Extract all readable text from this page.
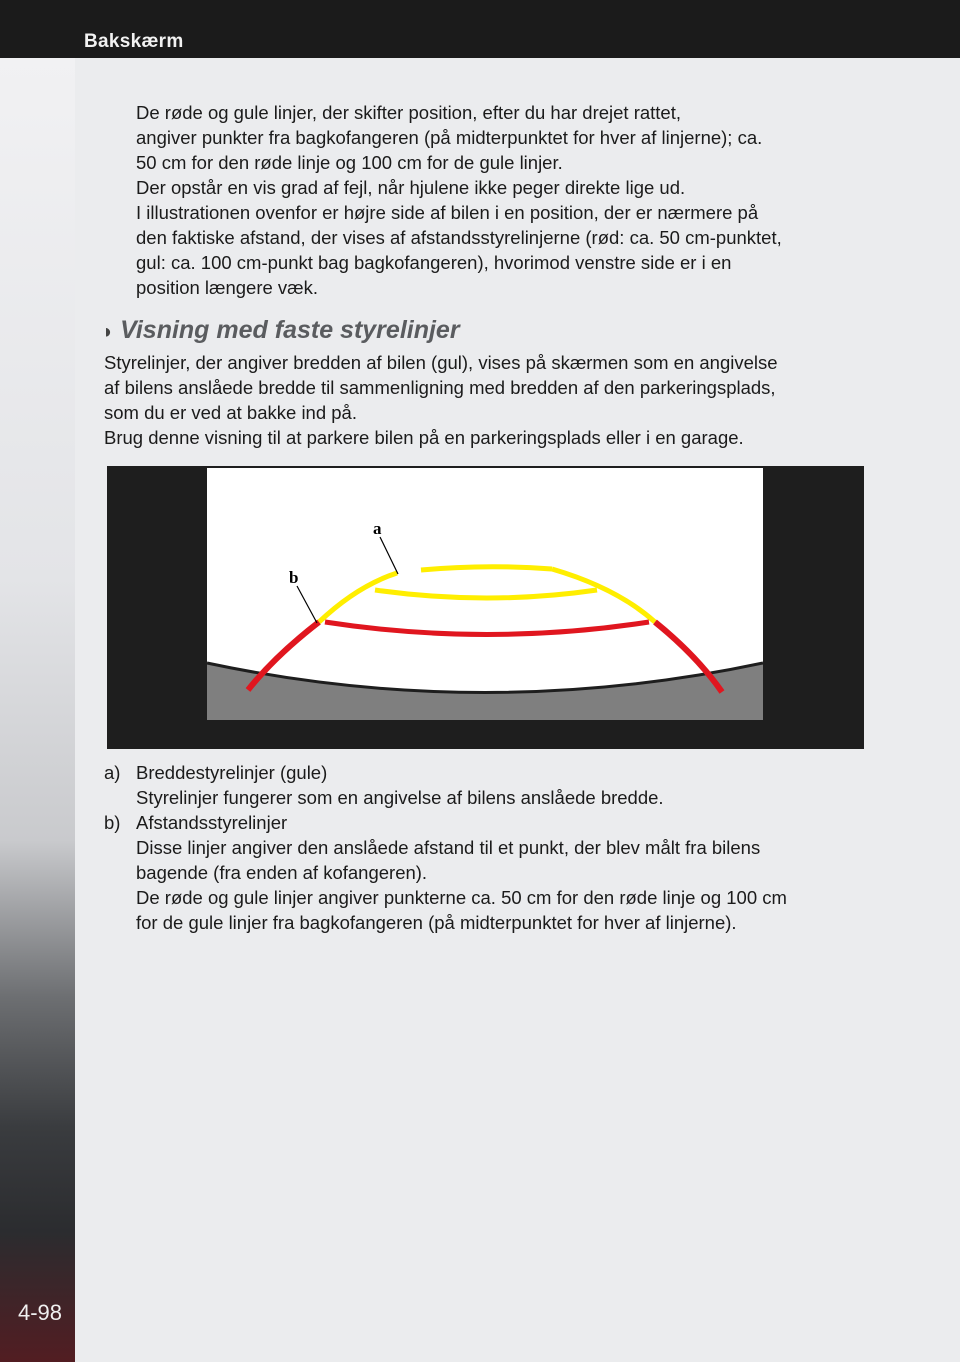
Bakskærm
4-98

De røde og gule linjer, der skifter position, efter du har drejet rattet,

angiver punkter fra bagkofangeren (på midterpunktet for hver af linjerne); ca.

50 cm for den røde linje og 100 cm for de gule linjer.

Der opstår en vis grad af fejl, når hjulene ikke peger direkte lige ud.

I illustrationen ovenfor er højre side af bilen i en position, der er nærmere på

den faktiske afstand, der vises af afstandsstyrelinjerne (rød: ca. 50 cm-punktet,

gul: ca. 100 cm-punkt bag bagkofangeren), hvorimod venstre side er i en

position længere væk.

◗ Visning med faste styrelinjer

Styrelinjer, der angiver bredden af bilen (gul), vises på skærmen som en angivelse

af bilens anslåede bredde til sammenligning med bredden af den parkeringsplads,

som du er ved at bakke ind på.

Brug denne visning til at parkere bilen på en parkeringsplads eller i en garage.

a
b

a) Breddestyrelinjer (gule)

Styrelinjer fungerer som en angivelse af bilens anslåede bredde.

b) Afstandsstyrelinjer

Disse linjer angiver den anslåede afstand til et punkt, der blev målt fra bilens

bagende (fra enden af kofangeren).

De røde og gule linjer angiver punkterne ca. 50 cm for den røde linje og 100 cm

for de gule linjer fra bagkofangeren (på midterpunktet for hver af linjerne).
